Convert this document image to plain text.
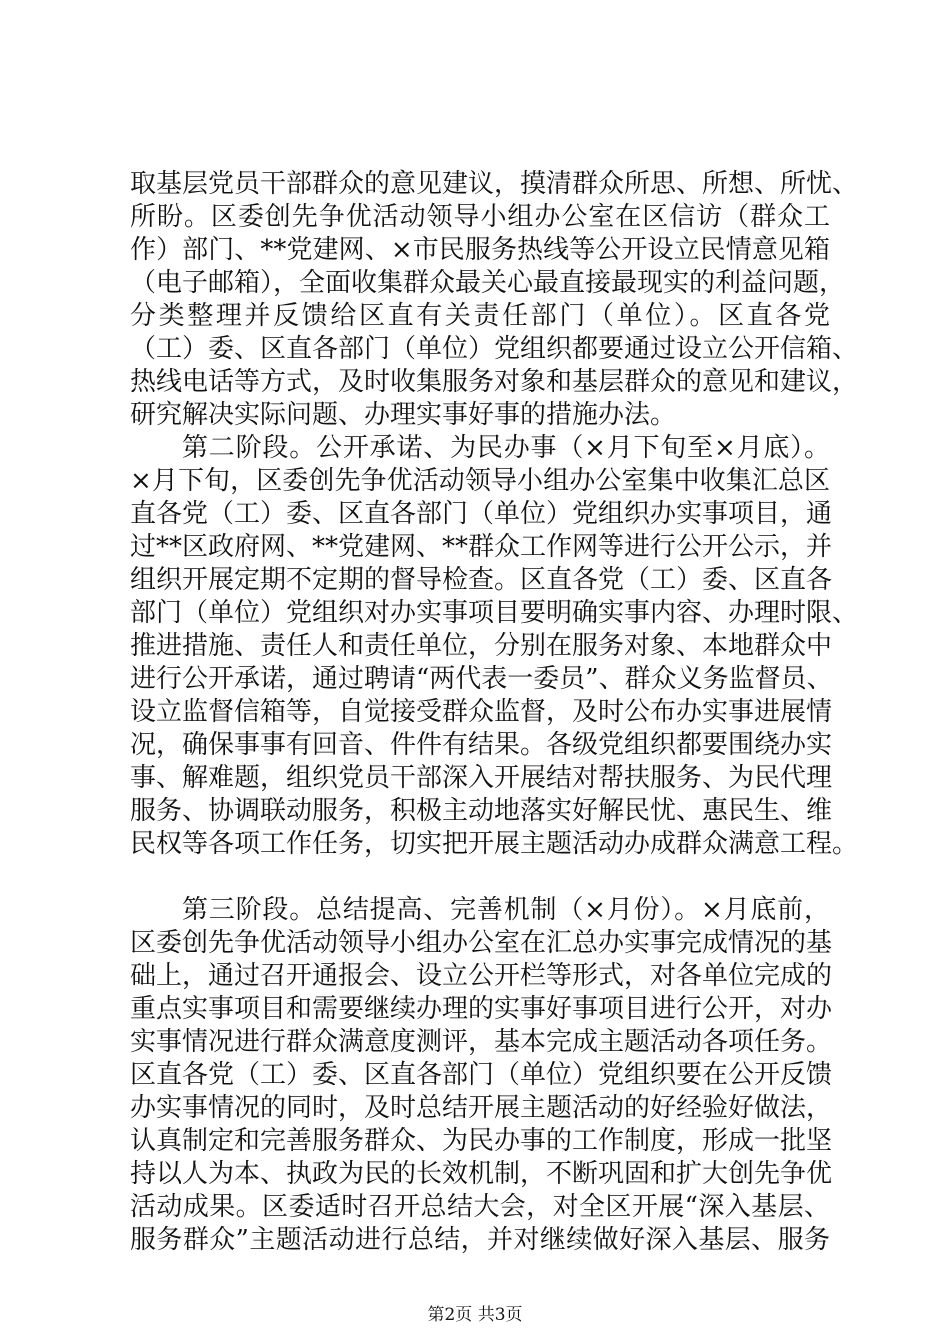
取基层党员干部群众的意见建议，摸清群众所思、所想、所忧、
所盼。区委创先争优活动领导小组办公室在区信访（群众工
作）部门、**党建网、×市民服务热线等公开设立民情意见箱
（电子邮箱），全面收集群众最关心最直接最现实的利益问题，
分类整理并反馈给区直有关责任部门（单位）。区直各党
（工）委、区直各部门（单位）党组织都要通过设立公开信箱、
热线电话等方式，及时收集服务对象和基层群众的意见和建议，
研究解决实际问题、办理实事好事的措施办法。
第二阶段。公开承诺、为民办事（×月下旬至×月底）。
×月下旬，区委创先争优活动领导小组办公室集中收集汇总区
直各党（工）委、区直各部门（单位）党组织办实事项目，通
过**区政府网、**党建网、**群众工作网等进行公开公示，并
组织开展定期不定期的督导检查。区直各党（工）委、区直各
部门（单位）党组织对办实事项目要明确实事内容、办理时限、
推进措施、责任人和责任单位，分别在服务对象、本地群众中
进行公开承诺，通过聘请“两代表一委员”、群众义务监督员、
设立监督信箱等，自觉接受群众监督，及时公布办实事进展情
况，确保事事有回音、件件有结果。各级党组织都要围绕办实
事、解难题，组织党员干部深入开展结对帮扶服务、为民代理
服务、协调联动服务，积极主动地落实好解民忧、惠民生、维
民权等各项工作任务，切实把开展主题活动办成群众满意工程。
第三阶段。总结提高、完善机制（×月份）。×月底前，
区委创先争优活动领导小组办公室在汇总办实事完成情况的基
础上，通过召开通报会、设立公开栏等形式，对各单位完成的
重点实事项目和需要继续办理的实事好事项目进行公开，对办
实事情况进行群众满意度测评，基本完成主题活动各项任务。
区直各党（工）委、区直各部门（单位）党组织要在公开反馈
办实事情况的同时，及时总结开展主题活动的好经验好做法，
认真制定和完善服务群众、为民办事的工作制度，形成一批坚
持以人为本、执政为民的长效机制，不断巩固和扩大创先争优
活动成果。区委适时召开总结大会，对全区开展“深入基层、
服务群众”主题活动进行总结，并对继续做好深入基层、服务
第2页 共3页
